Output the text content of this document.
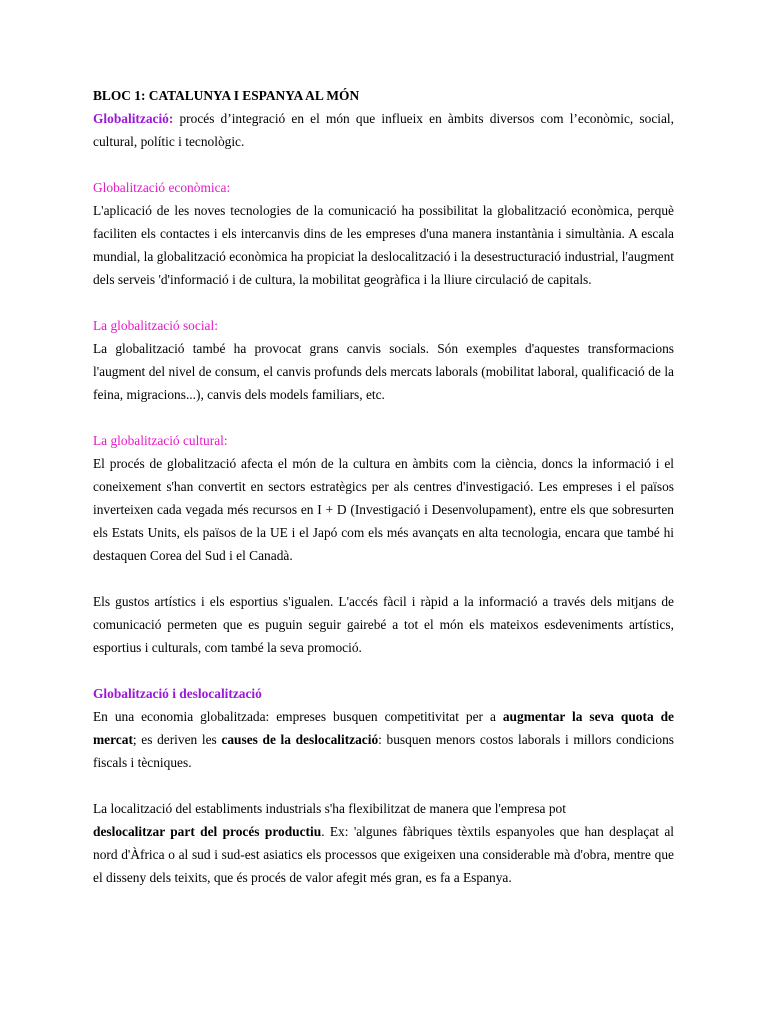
BLOC 1: CATALUNYA I ESPANYA AL MÓN

Globalització: procés d’integració en el món que influeix en àmbits diversos com l’econòmic, social, cultural, polític i tecnològic.

Globalització econòmica:

L'aplicació de les noves tecnologies de la comunicació ha possibilitat la globalització econòmica, perquè faciliten els contactes i els intercanvis dins de les empreses d'una manera instantània i simultània. A escala mundial, la globalització econòmica ha propiciat la deslocalització i la desestructuració industrial, l'augment dels serveis 'd'informació i de cultura, la mobilitat geogràfica i la lliure circulació de capitals.

La globalització social:

La globalització també ha provocat grans canvis socials. Són exemples d'aquestes transformacions l'augment del nivel de consum, el canvis profunds dels mercats laborals (mobilitat laboral, qualificació de la feina, migracions...), canvis dels models familiars, etc.

La globalització cultural:

El procés de globalització afecta el món de la cultura en àmbits com la ciència, doncs la informació i el coneixement s'han convertit en sectors estratègics per als centres d'investigació. Les empreses i el països inverteixen cada vegada més recursos en I + D (Investigació i Desenvolupament), entre els que sobresurten els Estats Units, els països de la UE i el Japó com els més avançats en alta tecnologia, encara que també hi destaquen Corea del Sud i el Canadà.

Els gustos artístics i els esportius s'igualen. L'accés fàcil i ràpid a la informació a través dels mitjans de comunicació permeten que es puguin seguir gairebé a tot el món els mateixos esdeveniments artístics, esportius i culturals, com també la seva promoció.

Globalització i deslocalització

En una economia globalitzada: empreses busquen competitivitat per a augmentar la seva quota de mercat; es deriven les causes de la deslocalització: busquen menors costos laborals i millors condicions fiscals i tècniques.

La localització del establiments industrials s'ha flexibilitzat de manera que l'empresa pot

deslocalitzar part del procés productiu. Ex: 'algunes fàbriques tèxtils espanyoles que han desplaçat al nord d'Àfrica o al sud i sud-est asiatics els processos que exigeixen una considerable mà d'obra, mentre que el disseny dels teixits, que és procés de valor afegit més gran, es fa a Espanya.
